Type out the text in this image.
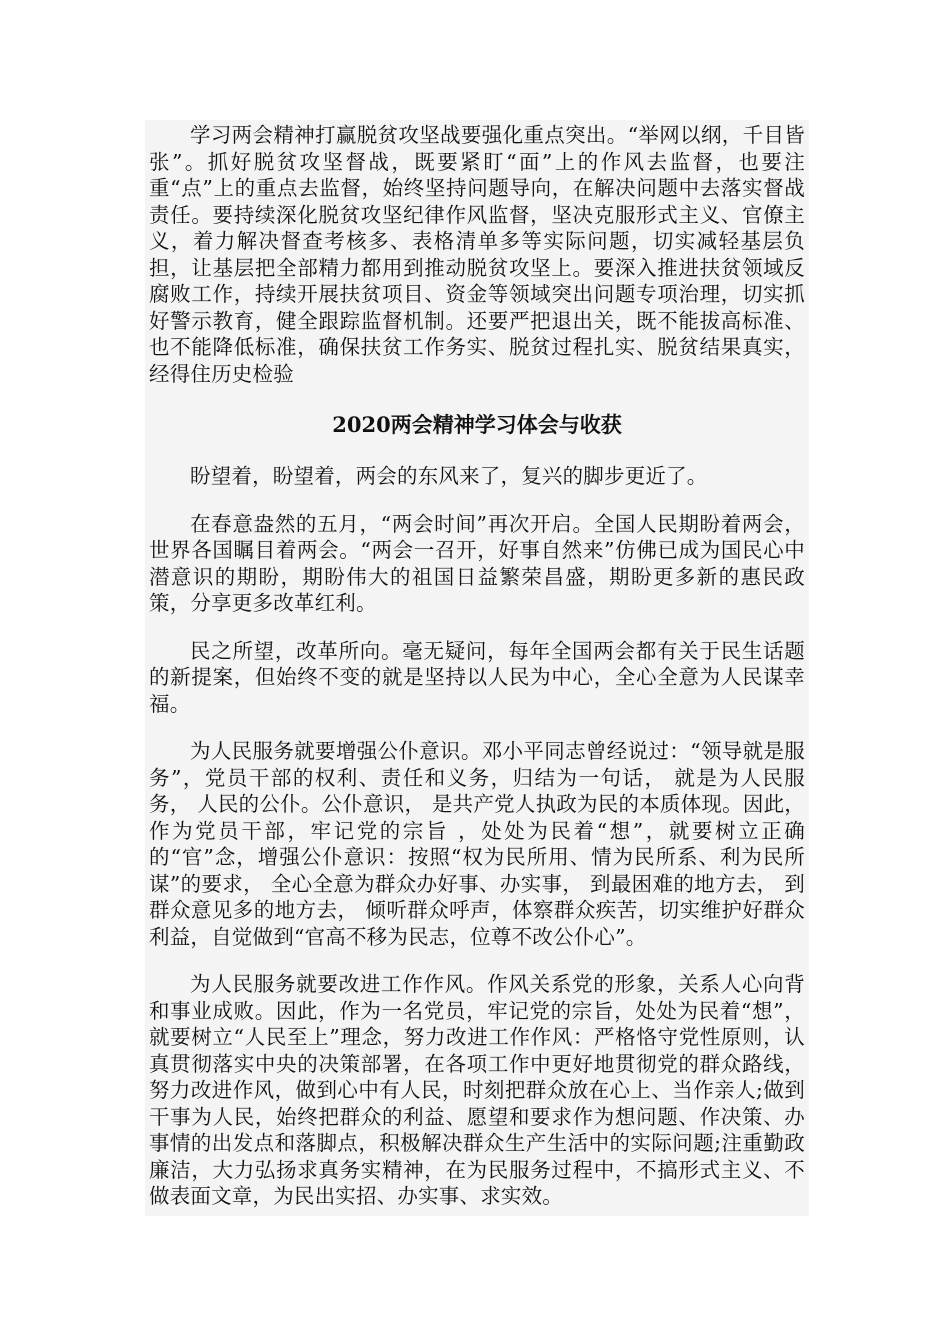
学习两会精神打赢脱贫攻坚战要强化重点突出。“举网以纲，千目皆张”。抓好脱贫攻坚督战，既要紧盯“面”上的作风去监督，也要注重“点”上的重点去监督，始终坚持问题导向，在解决问题中去落实督战责任。要持续深化脱贫攻坚纪律作风监督，坚决克服形式主义、官僚主义，着力解决督查考核多、表格清单多等实际问题，切实减轻基层负担，让基层把全部精力都用到推动脱贫攻坚上。要深入推进扶贫领域反腐败工作，持续开展扶贫项目、资金等领域突出问题专项治理，切实抓好警示教育，健全跟踪监督机制。还要严把退出关，既不能拔高标准、也不能降低标准，确保扶贫工作务实、脱贫过程扎实、脱贫结果真实，经得住历史检验

2020两会精神学习体会与收获

盼望着，盼望着，两会的东风来了，复兴的脚步更近了。

在春意盎然的五月，“两会时间”再次开启。全国人民期盼着两会，世界各国瞩目着两会。“两会一召开，好事自然来”仿佛已成为国民心中潜意识的期盼，期盼伟大的祖国日益繁荣昌盛，期盼更多新的惠民政策，分享更多改革红利。

民之所望，改革所向。毫无疑问，每年全国两会都有关于民生话题的新提案，但始终不变的就是坚持以人民为中心，全心全意为人民谋幸福。

为人民服务就要增强公仆意识。邓小平同志曾经说过：“领导就是服务”，党员干部的权利、责任和义务，归结为一句话， 就是为人民服务， 人民的公仆。公仆意识， 是共产党人执政为民的本质体现。因此， 作为党员干部，牢记党的宗旨 ，处处为民着“想”，就要树立正确的“官”念，增强公仆意识：按照“权为民所用、情为民所系、利为民所谋”的要求， 全心全意为群众办好事、办实事， 到最困难的地方去， 到群众意见多的地方去， 倾听群众呼声，体察群众疾苦，切实维护好群众利益，自觉做到“官高不移为民志，位尊不改公仆心”。

为人民服务就要改进工作作风。作风关系党的形象，关系人心向背和事业成败。因此，作为一名党员，牢记党的宗旨，处处为民着“想”，就要树立“人民至上”理念，努力改进工作作风：严格恪守党性原则，认真贯彻落实中央的决策部署，在各项工作中更好地贯彻党的群众路线，努力改进作风，做到心中有人民，时刻把群众放在心上、当作亲人;做到干事为人民，始终把群众的利益、愿望和要求作为想问题、作决策、办事情的出发点和落脚点，积极解决群众生产生活中的实际问题;注重勤政廉洁，大力弘扬求真务实精神，在为民服务过程中，不搞形式主义、不做表面文章，为民出实招、办实事、求实效。
